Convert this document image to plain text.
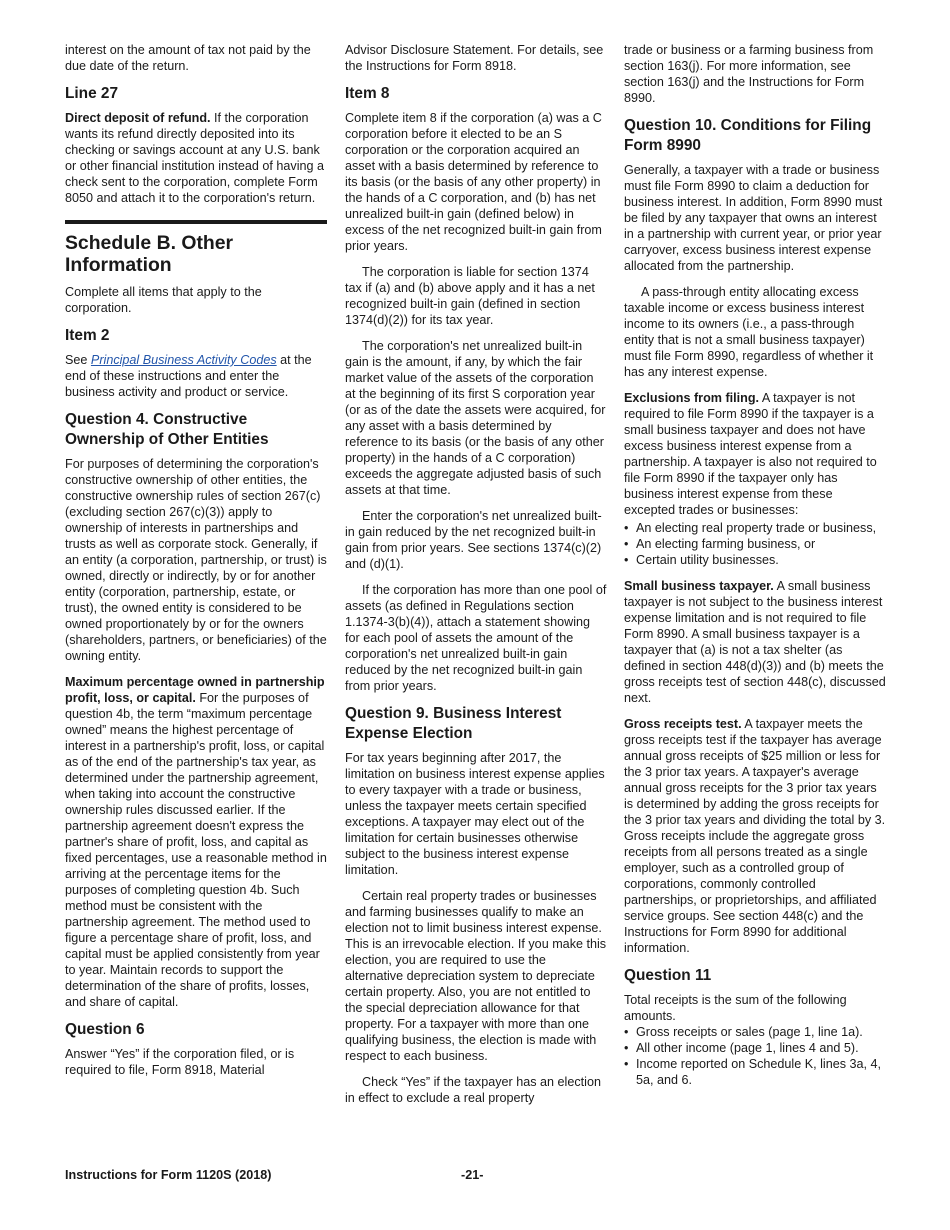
interest on the amount of tax not paid by the due date of the return.

Line 27

Direct deposit of refund. If the corporation wants its refund directly deposited into its checking or savings account at any U.S. bank or other financial institution instead of having a check sent to the corporation, complete Form 8050 and attach it to the corporation's return.

Schedule B. Other Information

Complete all items that apply to the corporation.

Item 2

See Principal Business Activity Codes at the end of these instructions and enter the business activity and product or service.

Question 4. Constructive Ownership of Other Entities

For purposes of determining the corporation's constructive ownership of other entities, the constructive ownership rules of section 267(c) (excluding section 267(c)(3)) apply to ownership of interests in partnerships and trusts as well as corporate stock. Generally, if an entity (a corporation, partnership, or trust) is owned, directly or indirectly, by or for another entity (corporation, partnership, estate, or trust), the owned entity is considered to be owned proportionately by or for the owners (shareholders, partners, or beneficiaries) of the owning entity.

Maximum percentage owned in partnership profit, loss, or capital. For the purposes of question 4b, the term “maximum percentage owned” means the highest percentage of interest in a partnership's profit, loss, or capital as of the end of the partnership's tax year, as determined under the partnership agreement, when taking into account the constructive ownership rules discussed earlier. If the partnership agreement doesn't express the partner's share of profit, loss, and capital as fixed percentages, use a reasonable method in arriving at the percentage items for the purposes of completing question 4b. Such method must be consistent with the partnership agreement. The method used to figure a percentage share of profit, loss, and capital must be applied consistently from year to year. Maintain records to support the determination of the share of profits, losses, and share of capital.

Question 6

Answer “Yes” if the corporation filed, or is required to file, Form 8918, Material

Advisor Disclosure Statement. For details, see the Instructions for Form 8918.

Item 8

Complete item 8 if the corporation (a) was a C corporation before it elected to be an S corporation or the corporation acquired an asset with a basis determined by reference to its basis (or the basis of any other property) in the hands of a C corporation, and (b) has net unrealized built-in gain (defined below) in excess of the net recognized built-in gain from prior years.

The corporation is liable for section 1374 tax if (a) and (b) above apply and it has a net recognized built-in gain (defined in section 1374(d)(2)) for its tax year.

The corporation's net unrealized built-in gain is the amount, if any, by which the fair market value of the assets of the corporation at the beginning of its first S corporation year (or as of the date the assets were acquired, for any asset with a basis determined by reference to its basis (or the basis of any other property) in the hands of a C corporation) exceeds the aggregate adjusted basis of such assets at that time.

Enter the corporation's net unrealized built-in gain reduced by the net recognized built-in gain from prior years. See sections 1374(c)(2) and (d)(1).

If the corporation has more than one pool of assets (as defined in Regulations section 1.1374-3(b)(4)), attach a statement showing for each pool of assets the amount of the corporation's net unrealized built-in gain reduced by the net recognized built-in gain from prior years.

Question 9. Business Interest Expense Election

For tax years beginning after 2017, the limitation on business interest expense applies to every taxpayer with a trade or business, unless the taxpayer meets certain specified exceptions. A taxpayer may elect out of the limitation for certain businesses otherwise subject to the business interest expense limitation.

Certain real property trades or businesses and farming businesses qualify to make an election not to limit business interest expense. This is an irrevocable election. If you make this election, you are required to use the alternative depreciation system to depreciate certain property. Also, you are not entitled to the special depreciation allowance for that property. For a taxpayer with more than one qualifying business, the election is made with respect to each business.

Check “Yes” if the taxpayer has an election in effect to exclude a real property

trade or business or a farming business from section 163(j). For more information, see section 163(j) and the Instructions for Form 8990.

Question 10. Conditions for Filing Form 8990

Generally, a taxpayer with a trade or business must file Form 8990 to claim a deduction for business interest. In addition, Form 8990 must be filed by any taxpayer that owns an interest in a partnership with current year, or prior year carryover, excess business interest expense allocated from the partnership.

A pass-through entity allocating excess taxable income or excess business interest income to its owners (i.e., a pass-through entity that is not a small business taxpayer) must file Form 8990, regardless of whether it has any interest expense.

Exclusions from filing. A taxpayer is not required to file Form 8990 if the taxpayer is a small business taxpayer and does not have excess business interest expense from a partnership. A taxpayer is also not required to file Form 8990 if the taxpayer only has business interest expense from these excepted trades or businesses:

• An electing real property trade or business,
• An electing farming business, or
• Certain utility businesses.

Small business taxpayer. A small business taxpayer is not subject to the business interest expense limitation and is not required to file Form 8990. A small business taxpayer is a taxpayer that (a) is not a tax shelter (as defined in section 448(d)(3)) and (b) meets the gross receipts test of section 448(c), discussed next.

Gross receipts test. A taxpayer meets the gross receipts test if the taxpayer has average annual gross receipts of $25 million or less for the 3 prior tax years. A taxpayer's average annual gross receipts for the 3 prior tax years is determined by adding the gross receipts for the 3 prior tax years and dividing the total by 3. Gross receipts include the aggregate gross receipts from all persons treated as a single employer, such as a controlled group of corporations, commonly controlled partnerships, or proprietorships, and affiliated service groups. See section 448(c) and the Instructions for Form 8990 for additional information.

Question 11

Total receipts is the sum of the following amounts.

• Gross receipts or sales (page 1, line 1a).
• All other income (page 1, lines 4 and 5).
• Income reported on Schedule K, lines 3a, 4, 5a, and 6.
Instructions for Form 1120S (2018)	-21-
